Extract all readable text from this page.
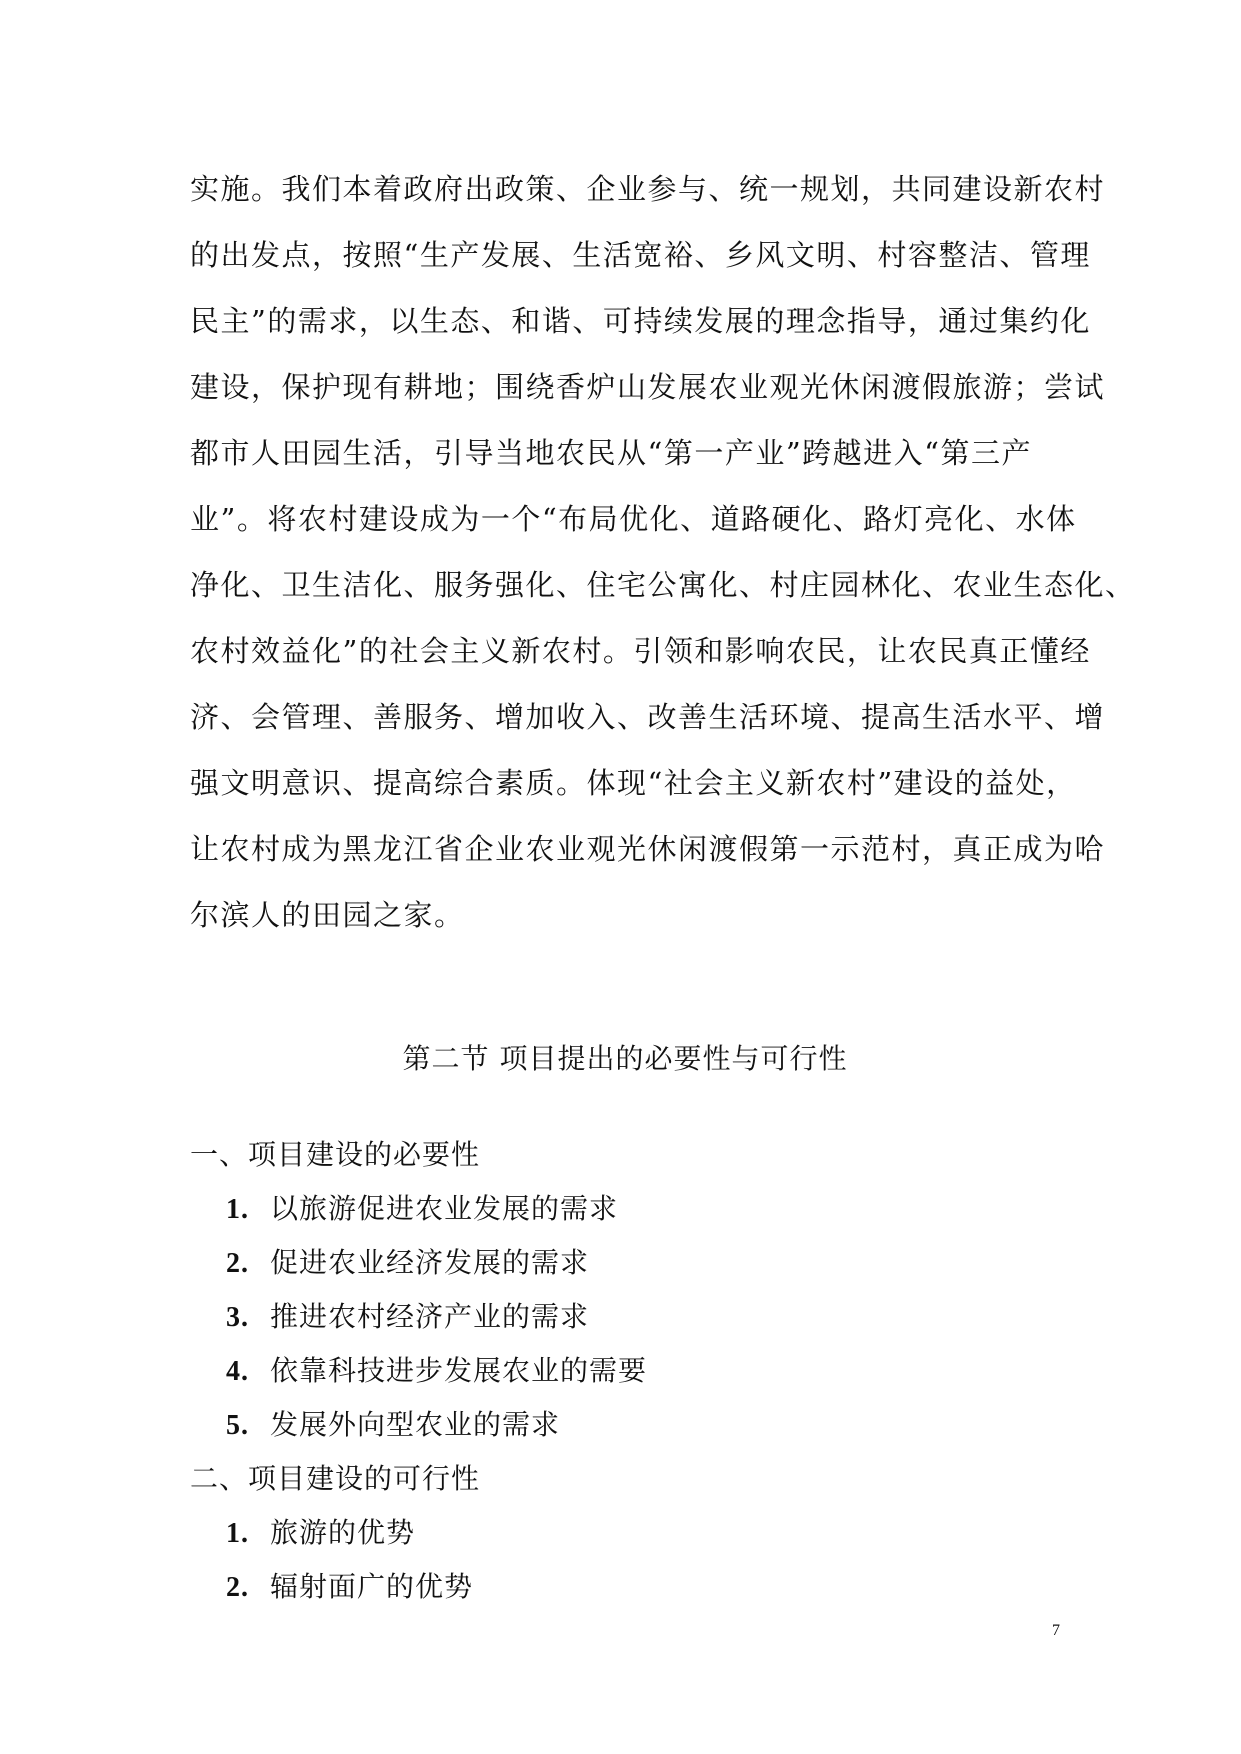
实施。我们本着政府出政策、企业参与、统一规划，共同建设新农村
的出发点，按照“生产发展、生活宽裕、乡风文明、村容整洁、管理
民主”的需求，以生态、和谐、可持续发展的理念指导，通过集约化
建设，保护现有耕地；围绕香炉山发展农业观光休闲渡假旅游；尝试
都市人田园生活，引导当地农民从“第一产业”跨越进入“第三产
业”。将农村建设成为一个“布局优化、道路硬化、路灯亮化、水体
净化、卫生洁化、服务强化、住宅公寓化、村庄园林化、农业生态化、
农村效益化”的社会主义新农村。引领和影响农民，让农民真正懂经
济、会管理、善服务、增加收入、改善生活环境、提高生活水平、增
强文明意识、提高综合素质。体现“社会主义新农村”建设的益处，
让农村成为黑龙江省企业农业观光休闲渡假第一示范村，真正成为哈
尔滨人的田园之家。
第二节 项目提出的必要性与可行性
一、项目建设的必要性
1. 以旅游促进农业发展的需求
2. 促进农业经济发展的需求
3. 推进农村经济产业的需求
4. 依靠科技进步发展农业的需要
5. 发展外向型农业的需求
二、项目建设的可行性
1. 旅游的优势
2. 辐射面广的优势
7
